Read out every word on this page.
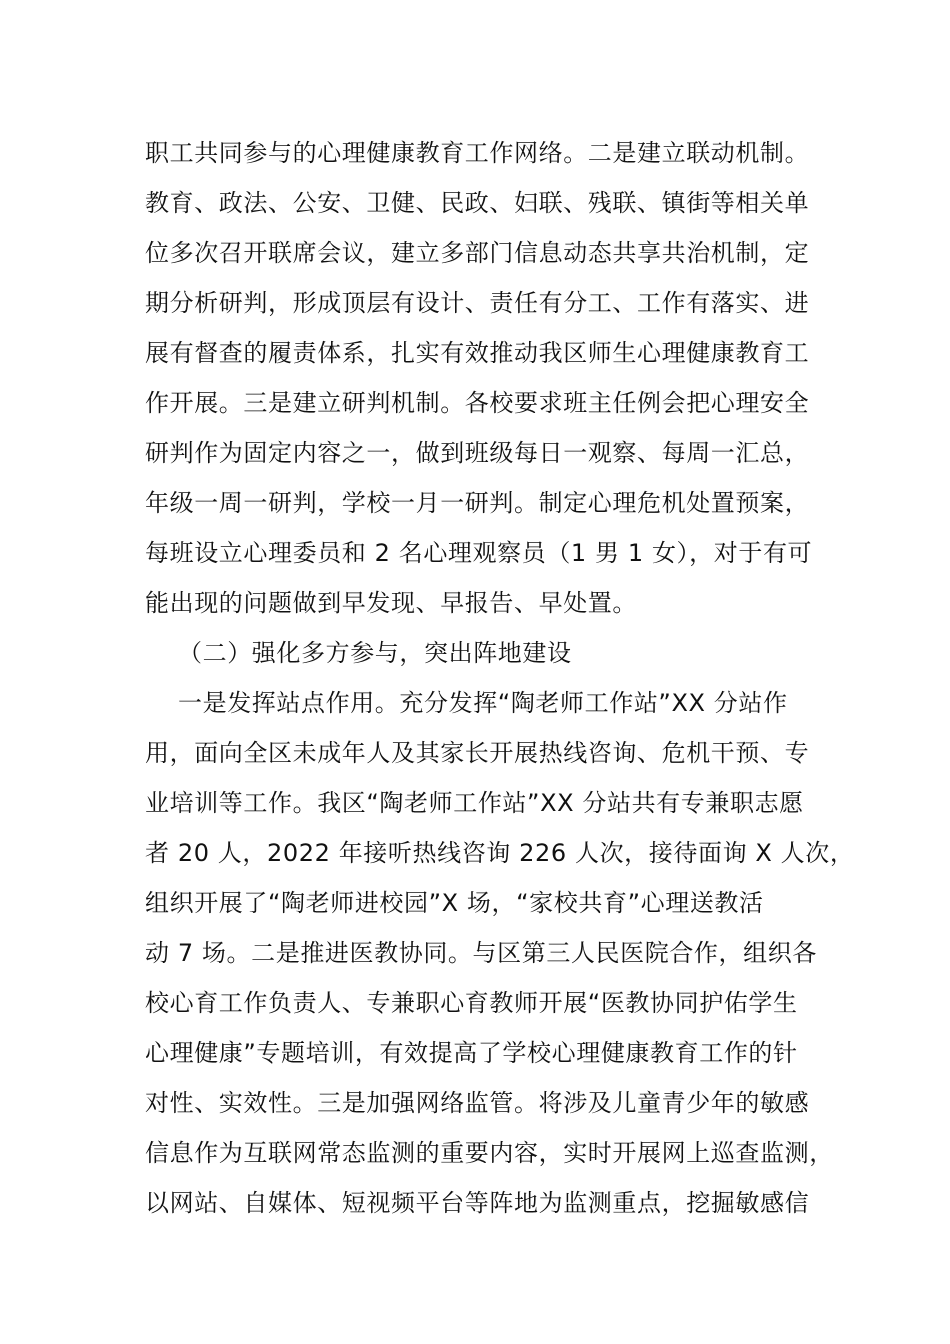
职工共同参与的心理健康教育工作网络。二是建立联动机制。
教育、政法、公安、卫健、民政、妇联、残联、镇街等相关单
位多次召开联席会议，建立多部门信息动态共享共治机制，定
期分析研判，形成顶层有设计、责任有分工、工作有落实、进
展有督查的履责体系，扎实有效推动我区师生心理健康教育工
作开展。三是建立研判机制。各校要求班主任例会把心理安全
研判作为固定内容之一，做到班级每日一观察、每周一汇总，
年级一周一研判，学校一月一研判。制定心理危机处置预案，
每班设立心理委员和 2 名心理观察员（1 男 1 女），对于有可
能出现的问题做到早发现、早报告、早处置。
（二）强化多方参与，突出阵地建设
一是发挥站点作用。充分发挥“陶老师工作站”XX 分站作
用，面向全区未成年人及其家长开展热线咨询、危机干预、专
业培训等工作。我区“陶老师工作站”XX 分站共有专兼职志愿
者 20 人，2022 年接听热线咨询 226 人次，接待面询 X 人次，
组织开展了“陶老师进校园”X 场，“家校共育”心理送教活
动 7 场。二是推进医教协同。与区第三人民医院合作，组织各
校心育工作负责人、专兼职心育教师开展“医教协同护佑学生
心理健康”专题培训，有效提高了学校心理健康教育工作的针
对性、实效性。三是加强网络监管。将涉及儿童青少年的敏感
信息作为互联网常态监测的重要内容，实时开展网上巡查监测，
以网站、自媒体、短视频平台等阵地为监测重点，挖掘敏感信
